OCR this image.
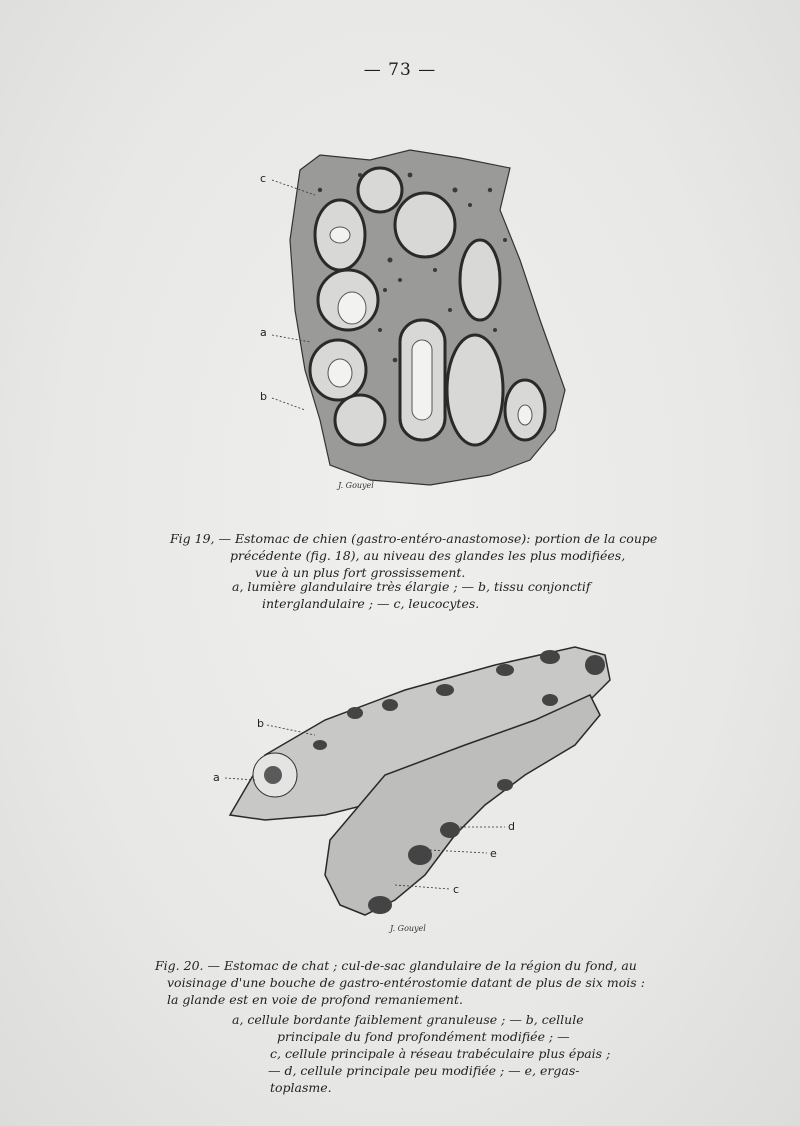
— 73 —
c
a
b
J. Gouyel
Fig 19, — Estomac de chien (gastro-entéro-anastomose): portion de la coupe
précédente (fig. 18), au niveau des glandes les plus modifiées,
vue à un plus fort grossissement.
a, lumière glandulaire très élargie ; — b, tissu conjonctif
interglandulaire ; — c, leucocytes.
b
a
d
e
c
J. Gouyel
Fig. 20. — Estomac de chat ; cul-de-sac glandulaire de la région du fond, au
voisinage d'une bouche de gastro-entérostomie datant de plus de six mois :
la glande est en voie de profond remaniement.
a, cellule bordante faiblement granuleuse ; — b, cellule
principale du fond profondément modifiée ; —
c, cellule principale à réseau trabéculaire plus épais ;
— d, cellule principale peu modifiée ; — e, ergas-
toplasme.
